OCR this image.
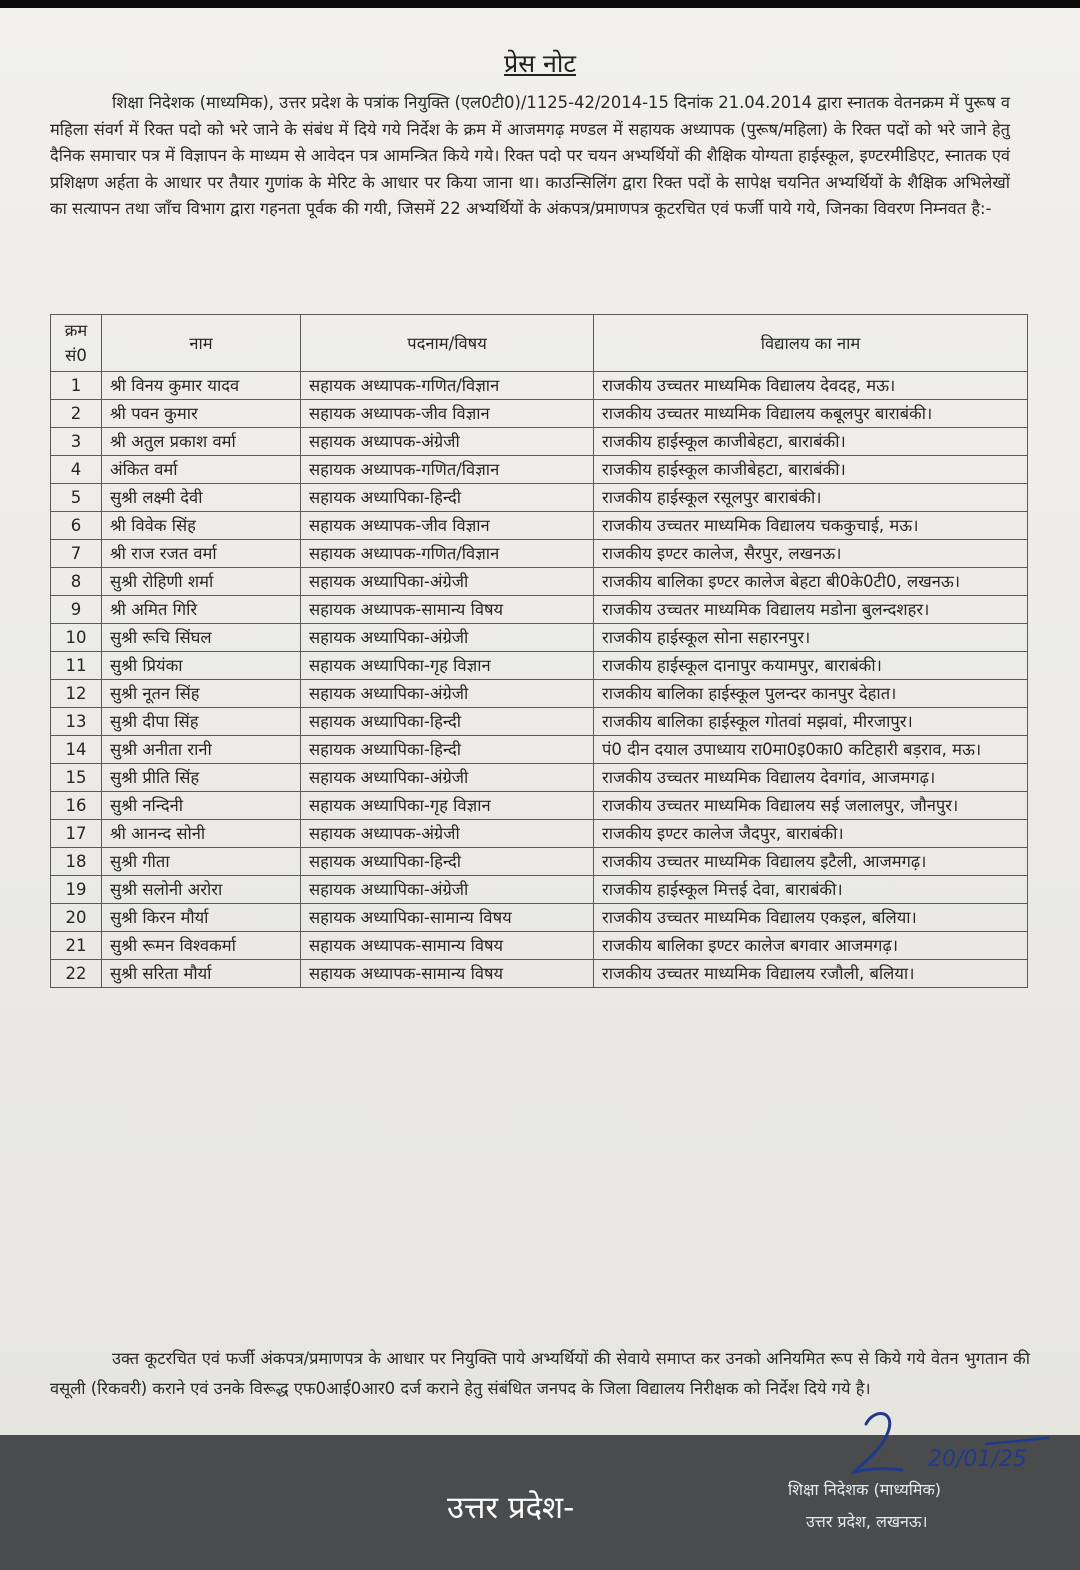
प्रेस नोट
शिक्षा निदेशक (माध्यमिक), उत्तर प्रदेश के पत्रांक नियुक्ति (एल0टी0)/1125-42/2014-15 दिनांक 21.04.2014 द्वारा स्नातक वेतनक्रम में पुरूष व महिला संवर्ग में रिक्त पदो को भरे जाने के संबंध में दिये गये निर्देश के क्रम में आजमगढ़ मण्डल में सहायक अध्यापक (पुरूष/महिला) के रिक्त पदों को भरे जाने हेतु दैनिक समाचार पत्र में विज्ञापन के माध्यम से आवेदन पत्र आमन्त्रित किये गये। रिक्त पदो पर चयन अभ्यर्थियों की शैक्षिक योग्यता हाईस्कूल, इण्टरमीडिएट, स्नातक एवं प्रशिक्षण अर्हता के आधार पर तैयार गुणांक के मेरिट के आधार पर किया जाना था। काउन्सिलिंग द्वारा रिक्त पदों के सापेक्ष चयनित अभ्यर्थियों के शैक्षिक अभिलेखों का सत्यापन तथा जाँच विभाग द्वारा गहनता पूर्वक की गयी, जिसमें 22 अभ्यर्थियों के अंकपत्र/प्रमाणपत्र कूटरचित एवं फर्जी पाये गये, जिनका विवरण निम्नवत है:-
क्रम सं0	नाम	पदनाम/विषय	विद्यालय का नाम
1	श्री विनय कुमार यादव	सहायक अध्यापक-गणित/विज्ञान	राजकीय उच्चतर माध्यमिक विद्यालय देवदह, मऊ।
2	श्री पवन कुमार	सहायक अध्यापक-जीव विज्ञान	राजकीय उच्चतर माध्यमिक विद्यालय कबूलपुर बाराबंकी।
3	श्री अतुल प्रकाश वर्मा	सहायक अध्यापक-अंग्रेजी	राजकीय हाईस्कूल काजीबेहटा, बाराबंकी।
4	अंकित वर्मा	सहायक अध्यापक-गणित/विज्ञान	राजकीय हाईस्कूल काजीबेहटा, बाराबंकी।
5	सुश्री लक्ष्मी देवी	सहायक अध्यापिका-हिन्दी	राजकीय हाईस्कूल रसूलपुर बाराबंकी।
6	श्री विवेक सिंह	सहायक अध्यापक-जीव विज्ञान	राजकीय उच्चतर माध्यमिक विद्यालय चककुचाई, मऊ।
7	श्री राज रजत वर्मा	सहायक अध्यापक-गणित/विज्ञान	राजकीय इण्टर कालेज, सैरपुर, लखनऊ।
8	सुश्री रोहिणी शर्मा	सहायक अध्यापिका-अंग्रेजी	राजकीय बालिका इण्टर कालेज बेहटा बी0के0टी0, लखनऊ।
9	श्री अमित गिरि	सहायक अध्यापक-सामान्य विषय	राजकीय उच्चतर माध्यमिक विद्यालय मडोना बुलन्दशहर।
10	सुश्री रूचि सिंघल	सहायक अध्यापिका-अंग्रेजी	राजकीय हाईस्कूल सोना सहारनपुर।
11	सुश्री प्रियंका	सहायक अध्यापिका-गृह विज्ञान	राजकीय हाईस्कूल दानापुर कयामपुर, बाराबंकी।
12	सुश्री नूतन सिंह	सहायक अध्यापिका-अंग्रेजी	राजकीय बालिका हाईस्कूल पुलन्दर कानपुर देहात।
13	सुश्री दीपा सिंह	सहायक अध्यापिका-हिन्दी	राजकीय बालिका हाईस्कूल गोतवां मझवां, मीरजापुर।
14	सुश्री अनीता रानी	सहायक अध्यापिका-हिन्दी	पं0 दीन दयाल उपाध्याय रा0मा0इ0का0 कटिहारी बड़राव, मऊ।
15	सुश्री प्रीति सिंह	सहायक अध्यापिका-अंग्रेजी	राजकीय उच्चतर माध्यमिक विद्यालय देवगांव, आजमगढ़।
16	सुश्री नन्दिनी	सहायक अध्यापिका-गृह विज्ञान	राजकीय उच्चतर माध्यमिक विद्यालय सई जलालपुर, जौनपुर।
17	श्री आनन्द सोनी	सहायक अध्यापक-अंग्रेजी	राजकीय इण्टर कालेज जैदपुर, बाराबंकी।
18	सुश्री गीता	सहायक अध्यापिका-हिन्दी	राजकीय उच्चतर माध्यमिक विद्यालय इटैली, आजमगढ़।
19	सुश्री सलोनी अरोरा	सहायक अध्यापिका-अंग्रेजी	राजकीय हाईस्कूल मित्तई देवा, बाराबंकी।
20	सुश्री किरन मौर्या	सहायक अध्यापिका-सामान्य विषय	राजकीय उच्चतर माध्यमिक विद्यालय एकइल, बलिया।
21	सुश्री रूमन विश्वकर्मा	सहायक अध्यापक-सामान्य विषय	राजकीय बालिका इण्टर कालेज बगवार आजमगढ़।
22	सुश्री सरिता मौर्या	सहायक अध्यापक-सामान्य विषय	राजकीय उच्चतर माध्यमिक विद्यालय रजौली, बलिया।
उक्त कूटरचित एवं फर्जी अंकपत्र/प्रमाणपत्र के आधार पर नियुक्ति पाये अभ्यर्थियों की सेवाये समाप्त कर उनको अनियमित रूप से किये गये वेतन भुगतान की वसूली (रिकवरी) कराने एवं उनके विरूद्ध एफ0आई0आर0 दर्ज कराने हेतु संबंधित जनपद के जिला विद्यालय निरीक्षक को निर्देश दिये गये है।
उत्तर प्रदेश-
20/01/25
शिक्षा निदेशक (माध्यमिक)
उत्तर प्रदेश, लखनऊ।
